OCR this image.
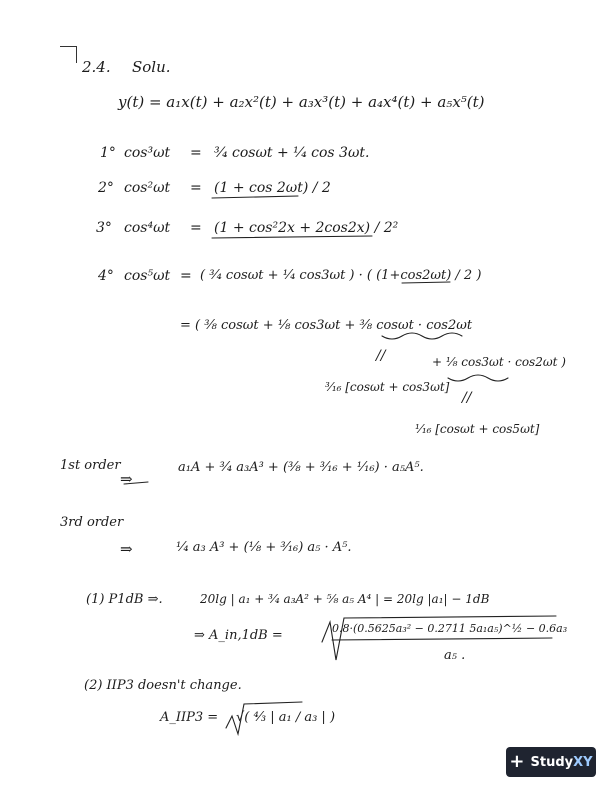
2.4. Solu.
y(t) = a₁x(t) + a₂x²(t) + a₃x³(t) + a₄x⁴(t) + a₅x⁵(t)
1° cos³ωt = ³⁄₄ cosωt + ¹⁄₄ cos 3ωt.
2° cos²ωt = (1 + cos 2ωt) / 2
3° cos⁴ωt = (1 + cos²2x + 2cos2x) / 2²
4° cos⁵ωt = ( ³⁄₄ cosωt + ¹⁄₄ cos3ωt ) · ( (1+cos2ωt) / 2 )
= ( ³⁄₈ cosωt + ¹⁄₈ cos3ωt + ³⁄₈ cosωt · cos2ωt
//	+ ¹⁄₈ cos3ωt · cos2ωt )
³⁄₁₆ [cosωt + cos3ωt]
//
¹⁄₁₆ [cosωt + cos5ωt]
1st order
⇒
a₁A + ³⁄₄ a₃A³ + (³⁄₈ + ³⁄₁₆ + ¹⁄₁₆) · a₅A⁵.
3rd order
⇒	¹⁄₄ a₃ A³ + (¹⁄₈ + ³⁄₁₆) a₅ · A⁵.
(1) P1dB ⇒.	20lg | a₁ + ³⁄₄ a₃A² + ⁵⁄₈ a₅ A⁴ | = 20lg |a₁| − 1dB
⇒ A_in,1dB =	0.8·(0.5625a₃² − 0.2711 5a₁a₅)^½ − 0.6a₃
a₅ .
(2) IIP3 doesn't change.
A_IIP3 = √( ⁴⁄₃ | a₁ / a₃ | )
+ StudyXY
